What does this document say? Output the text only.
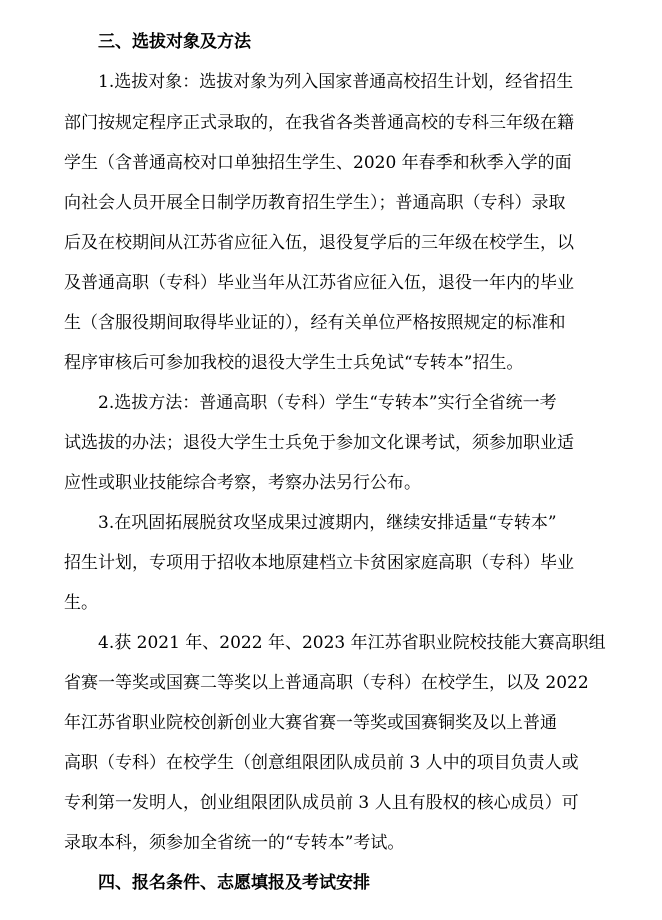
三、选拔对象及方法
1.选拔对象：选拔对象为列入国家普通高校招生计划，经省招生
部门按规定程序正式录取的，在我省各类普通高校的专科三年级在籍
学生（含普通高校对口单独招生学生、2020 年春季和秋季入学的面
向社会人员开展全日制学历教育招生学生）；普通高职（专科）录取
后及在校期间从江苏省应征入伍，退役复学后的三年级在校学生，以
及普通高职（专科）毕业当年从江苏省应征入伍，退役一年内的毕业
生（含服役期间取得毕业证的），经有关单位严格按照规定的标准和
程序审核后可参加我校的退役大学生士兵免试“专转本”招生。
2.选拔方法：普通高职（专科）学生“专转本”实行全省统一考
试选拔的办法；退役大学生士兵免于参加文化课考试，须参加职业适
应性或职业技能综合考察，考察办法另行公布。
3.在巩固拓展脱贫攻坚成果过渡期内，继续安排适量“专转本”
招生计划，专项用于招收本地原建档立卡贫困家庭高职（专科）毕业
生。
4.获 2021 年、2022 年、2023 年江苏省职业院校技能大赛高职组
省赛一等奖或国赛二等奖以上普通高职（专科）在校学生，以及 2022
年江苏省职业院校创新创业大赛省赛一等奖或国赛铜奖及以上普通
高职（专科）在校学生（创意组限团队成员前 3 人中的项目负责人或
专利第一发明人，创业组限团队成员前 3 人且有股权的核心成员）可
录取本科，须参加全省统一的“专转本”考试。
四、报名条件、志愿填报及考试安排
